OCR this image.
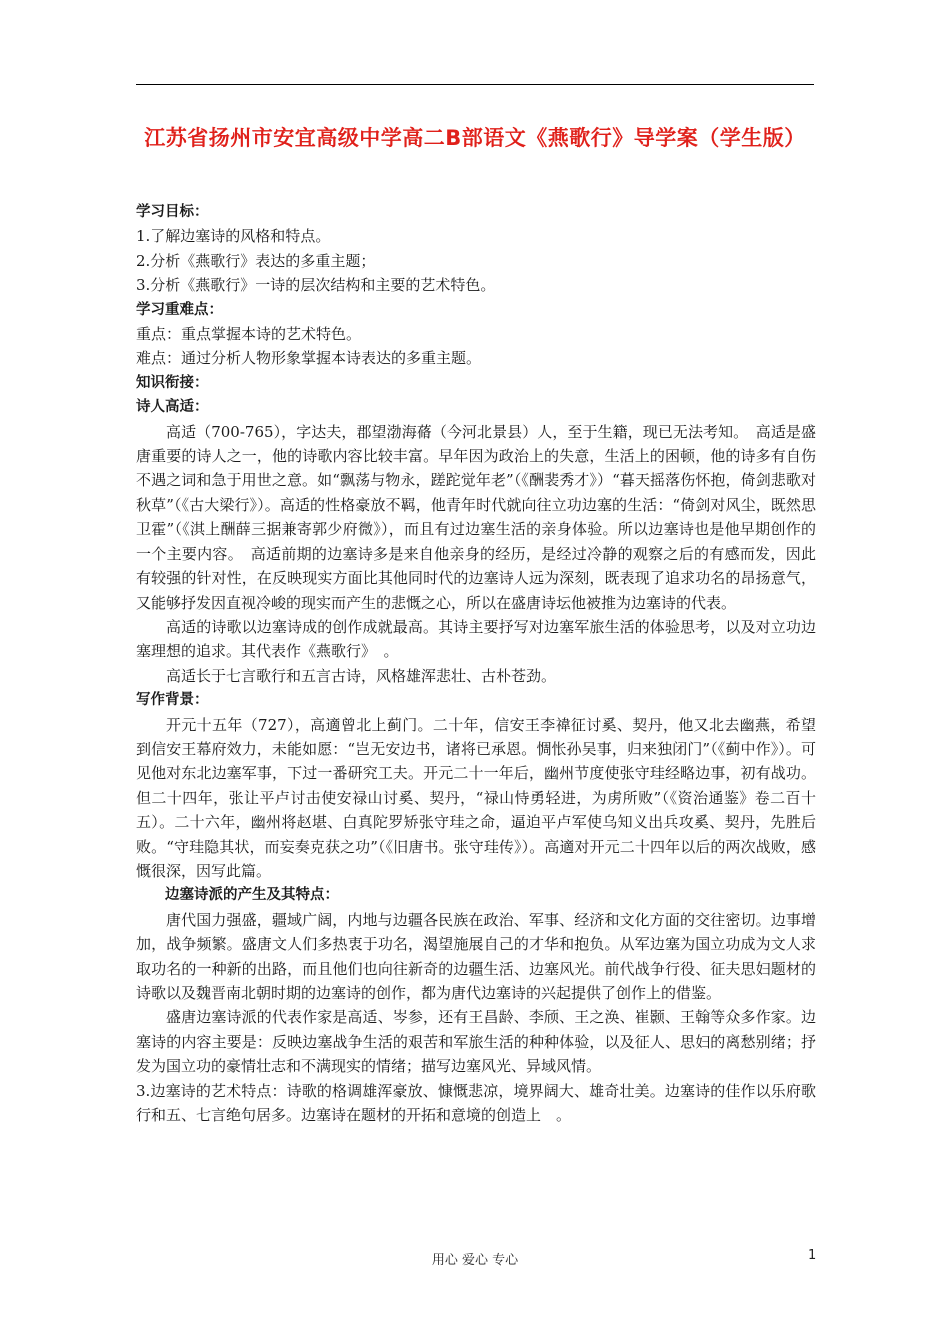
江苏省扬州市安宜高级中学高二B部语文《燕歌行》导学案（学生版）

学习目标：

1.了解边塞诗的风格和特点。

2.分析《燕歌行》表达的多重主题；

3.分析《燕歌行》一诗的层次结构和主要的艺术特色。

学习重难点：

重点：重点掌握本诗的艺术特色。

难点：通过分析人物形象掌握本诗表达的多重主题。

知识衔接：

诗人高适：

高适（700-765），字达夫，郡望渤海蓨（今河北景县）人，至于生籍，现已无法考知。　高适是盛唐重要的诗人之一，他的诗歌内容比较丰富。早年因为政治上的失意，生活上的困顿，他的诗多有自伤不遇之词和急于用世之意。如“飘荡与物永，蹉跎觉年老”（《酬裴秀才》）“暮天摇落伤怀抱，倚剑悲歌对秋草”（《古大梁行》）。高适的性格豪放不羁，他青年时代就向往立功边塞的生活：“倚剑对风尘，既然思卫霍”（《淇上酬薛三据兼寄郭少府微》），而且有过边塞生活的亲身体验。所以边塞诗也是他早期创作的一个主要内容。　高适前期的边塞诗多是来自他亲身的经历，是经过冷静的观察之后的有感而发，因此有较强的针对性，在反映现实方面比其他同时代的边塞诗人远为深刻，既表现了追求功名的昂扬意气，又能够抒发因直视冷峻的现实而产生的悲慨之心，所以在盛唐诗坛他被推为边塞诗的代表。

高适的诗歌以边塞诗成的创作成就最高。其诗主要抒写对边塞军旅生活的体验思考，以及对立功边塞理想的追求。其代表作《燕歌行》　。

高适长于七言歌行和五言古诗，风格雄浑悲壮、古朴苍劲。

写作背景：

开元十五年（727），高適曾北上蓟门。二十年，信安王李禕征讨奚、契丹，他又北去幽燕，希望到信安王幕府效力，未能如愿：“岂无安边书，诸将已承恩。惆怅孙吴事，归来独闭门”（《蓟中作》）。可见他对东北边塞军事，下过一番研究工夫。开元二十一年后，幽州节度使张守珪经略边事，初有战功。但二十四年，张让平卢讨击使安禄山讨奚、契丹，“禄山恃勇轻进，为虏所败”（《资治通鉴》卷二百十五）。二十六年，幽州将赵堪、白真陀罗矫张守珪之命，逼迫平卢军使乌知义出兵攻奚、契丹，先胜后败。“守珪隐其状，而妄奏克获之功”（《旧唐书。张守珪传》）。高適对开元二十四年以后的两次战败，感慨很深，因写此篇。

边塞诗派的产生及其特点：

唐代国力强盛，疆域广阔，内地与边疆各民族在政治、军事、经济和文化方面的交往密切。边事增加，战争频繁。盛唐文人们多热衷于功名，渴望施展自己的才华和抱负。从军边塞为国立功成为文人求取功名的一种新的出路，而且他们也向往新奇的边疆生活、边塞风光。前代战争行役、征夫思妇题材的诗歌以及魏晋南北朝时期的边塞诗的创作，都为唐代边塞诗的兴起提供了创作上的借鉴。

盛唐边塞诗派的代表作家是高适、岑参，还有王昌龄、李颀、王之涣、崔颢、王翰等众多作家。边塞诗的内容主要是：反映边塞战争生活的艰苦和军旅生活的种种体验，以及征人、思妇的离愁别绪；抒发为国立功的豪情壮志和不满现实的情绪；描写边塞风光、异域风情。

3.边塞诗的艺术特点：诗歌的格调雄浑豪放、慷慨悲凉，境界阔大、雄奇壮美。边塞诗的佳作以乐府歌行和五、七言绝句居多。边塞诗在题材的开拓和意境的创造上　。

用心 爱心 专心	1
